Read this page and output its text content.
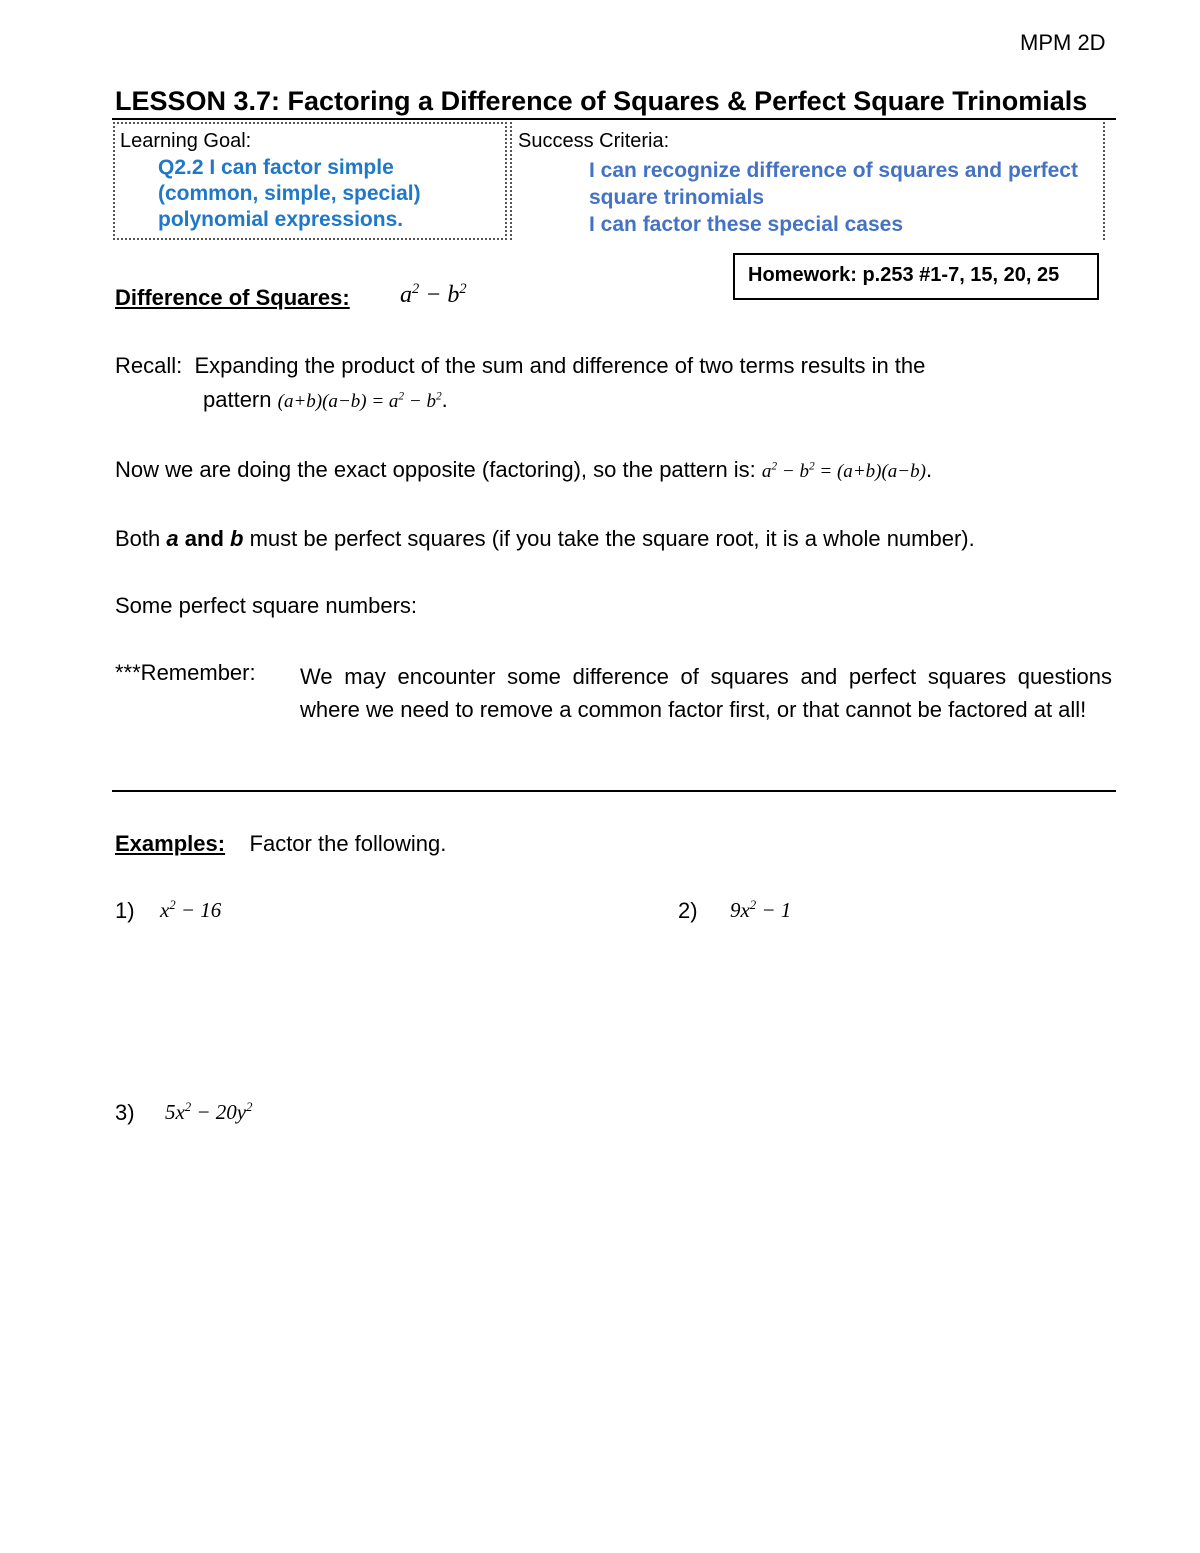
MPM 2D
LESSON 3.7: Factoring a Difference of Squares & Perfect Square Trinomials
Learning Goal:
Q2.2 I can factor simple (common, simple, special) polynomial expressions.
Success Criteria:
I can recognize difference of squares and perfect square trinomials
I can factor these special cases
Homework: p.253 #1-7, 15, 20, 25
Difference of Squares: $a^2 - b^2$
Recall: Expanding the product of the sum and difference of two terms results in the
pattern $(a+b)(a-b) = a^2 - b^2$.
Now we are doing the exact opposite (factoring), so the pattern is: $a^2 - b^2 = (a+b)(a-b)$.
Both a and b must be perfect squares (if you take the square root, it is a whole number).
Some perfect square numbers:
***Remember: We may encounter some difference of squares and perfect squares questions where we need to remove a common factor first, or that cannot be factored at all!
Examples: Factor the following.
1) $x^2 - 16$	2) $9x^2 - 1$
3) $5x^2 - 20y^2$
